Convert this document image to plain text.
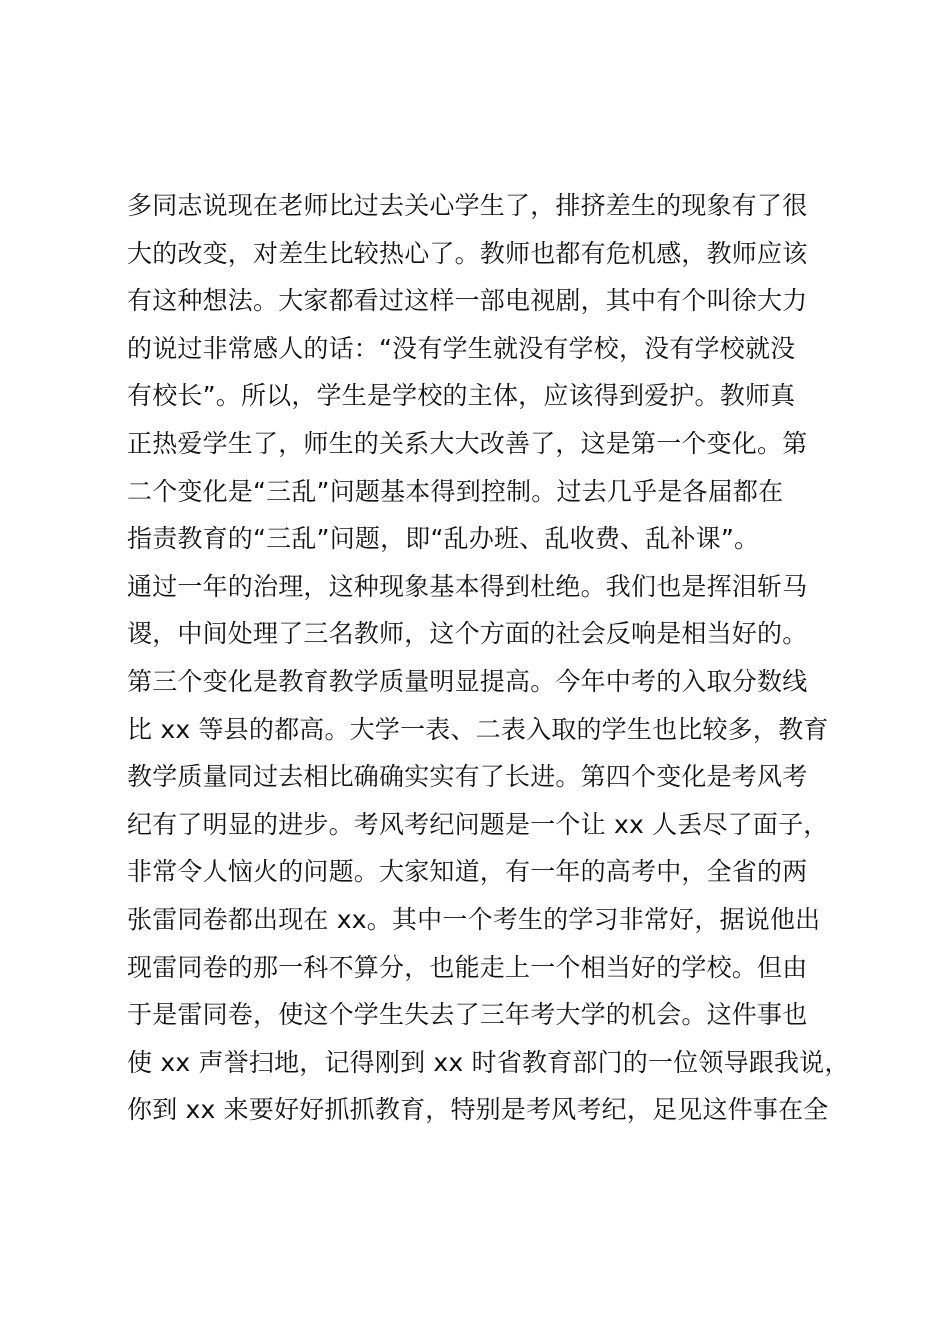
多同志说现在老师比过去关心学生了，排挤差生的现象有了很
大的改变，对差生比较热心了。教师也都有危机感，教师应该
有这种想法。大家都看过这样一部电视剧，其中有个叫徐大力
的说过非常感人的话：“没有学生就没有学校，没有学校就没
有校长”。所以，学生是学校的主体，应该得到爱护。教师真
正热爱学生了，师生的关系大大改善了，这是第一个变化。第
二个变化是“三乱”问题基本得到控制。过去几乎是各届都在
指责教育的“三乱”问题，即“乱办班、乱收费、乱补课”。
通过一年的治理，这种现象基本得到杜绝。我们也是挥泪斩马
谡，中间处理了三名教师，这个方面的社会反响是相当好的。
第三个变化是教育教学质量明显提高。今年中考的入取分数线
比 xx 等县的都高。大学一表、二表入取的学生也比较多，教育
教学质量同过去相比确确实实有了长进。第四个变化是考风考
纪有了明显的进步。考风考纪问题是一个让 xx 人丢尽了面子，
非常令人恼火的问题。大家知道，有一年的高考中，全省的两
张雷同卷都出现在 xx。其中一个考生的学习非常好，据说他出
现雷同卷的那一科不算分，也能走上一个相当好的学校。但由
于是雷同卷，使这个学生失去了三年考大学的机会。这件事也
使 xx 声誉扫地，记得刚到 xx 时省教育部门的一位领导跟我说，
你到 xx 来要好好抓抓教育，特别是考风考纪，足见这件事在全
